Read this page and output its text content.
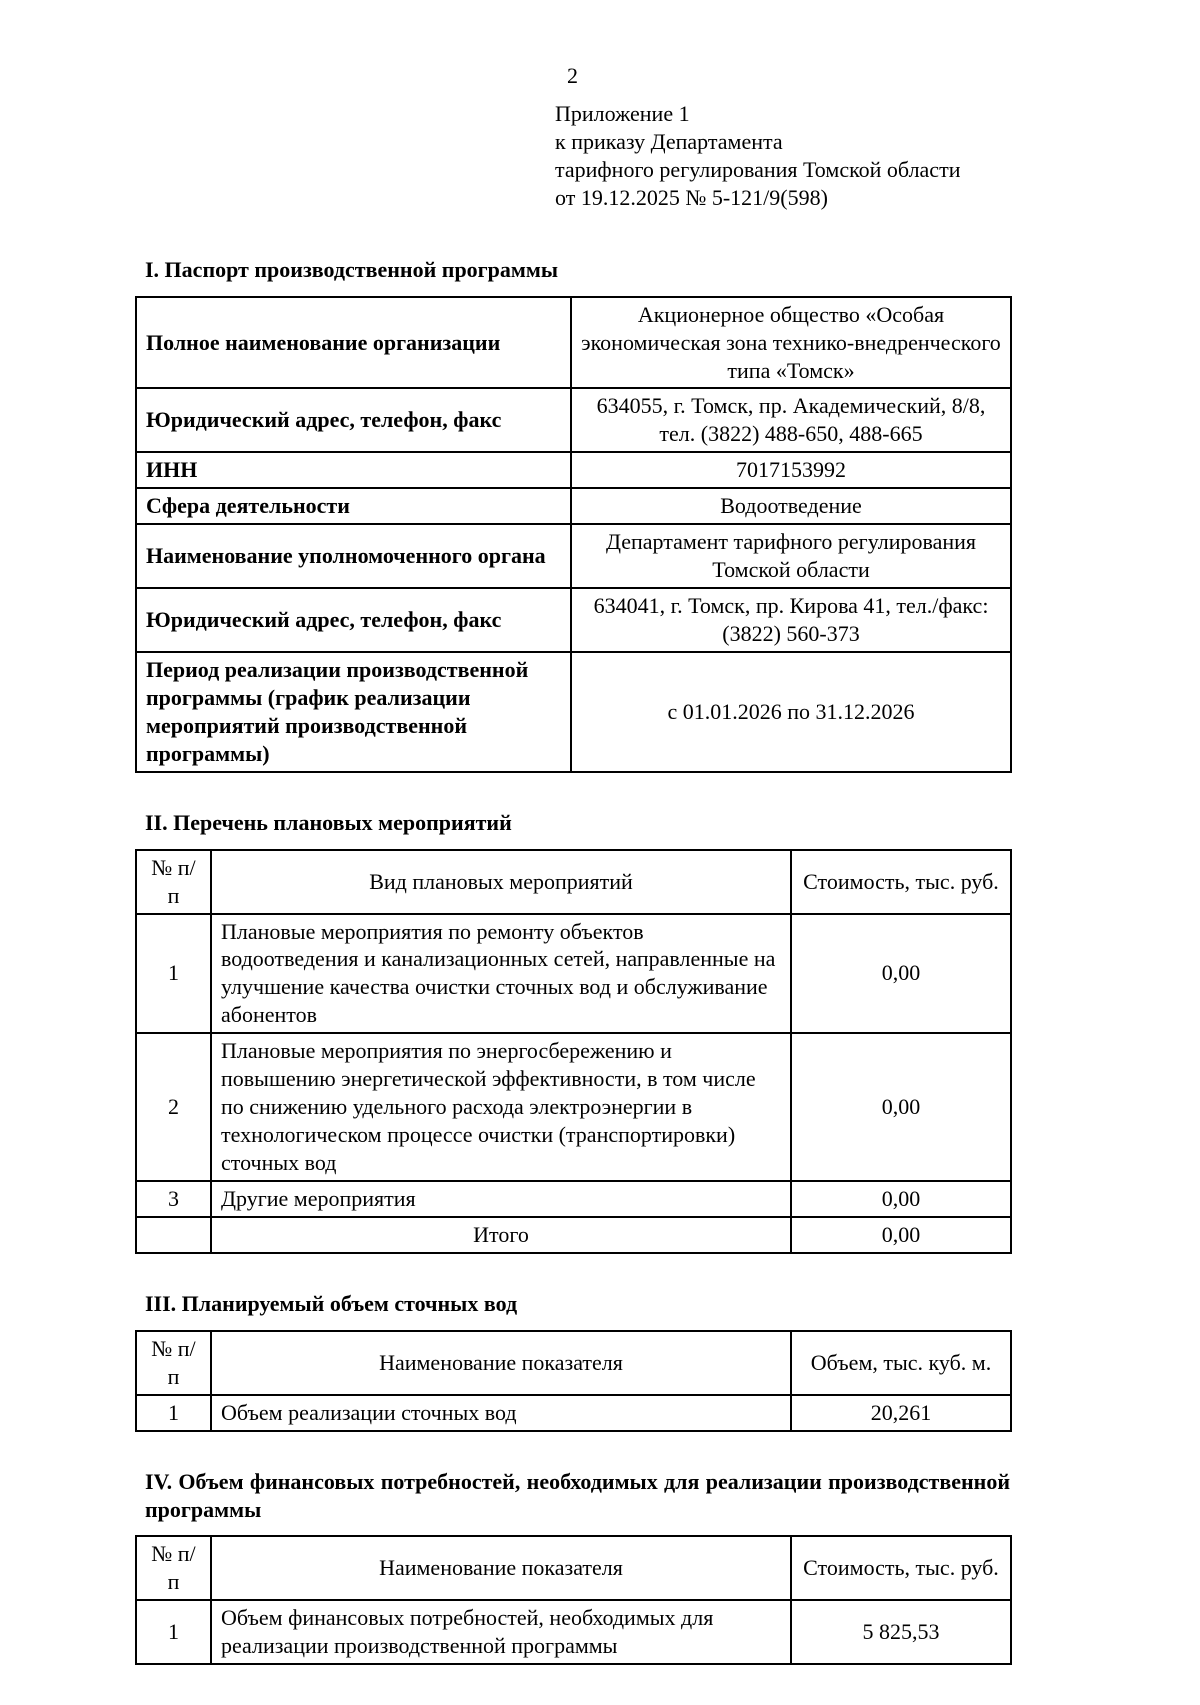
2
Приложение 1
к приказу Департамента
тарифного регулирования Томской области
от 19.12.2025 № 5-121/9(598)
I. Паспорт производственной программы
Полное наименование организации	Акционерное общество «Особая экономическая зона технико-внедренческого типа «Томск»
Юридический адрес, телефон, факс	634055, г. Томск, пр. Академический, 8/8, тел. (3822) 488-650, 488-665
ИНН	7017153992
Сфера деятельности	Водоотведение
Наименование уполномоченного органа	Департамент тарифного регулирования Томской области
Юридический адрес, телефон, факс	634041, г. Томск, пр. Кирова 41, тел./факс: (3822) 560-373
Период реализации производственной программы (график реализации мероприятий производственной программы)	с 01.01.2026 по 31.12.2026
II. Перечень плановых мероприятий
№ п/п	Вид плановых мероприятий	Стоимость, тыс. руб.
1	Плановые мероприятия по ремонту объектов водоотведения и канализационных сетей, направленные на улучшение качества очистки сточных вод и обслуживание абонентов	0,00
2	Плановые мероприятия по энергосбережению и повышению энергетической эффективности, в том числе по снижению удельного расхода электроэнергии в технологическом процессе очистки (транспортировки) сточных вод	0,00
3	Другие мероприятия	0,00
	Итого	0,00
III. Планируемый объем сточных вод
№ п/п	Наименование показателя	Объем, тыс. куб. м.
1	Объем реализации сточных вод	20,261
IV. Объем финансовых потребностей, необходимых для реализации производственной программы
№ п/п	Наименование показателя	Стоимость, тыс. руб.
1	Объем финансовых потребностей, необходимых для реализации производственной программы	5 825,53
